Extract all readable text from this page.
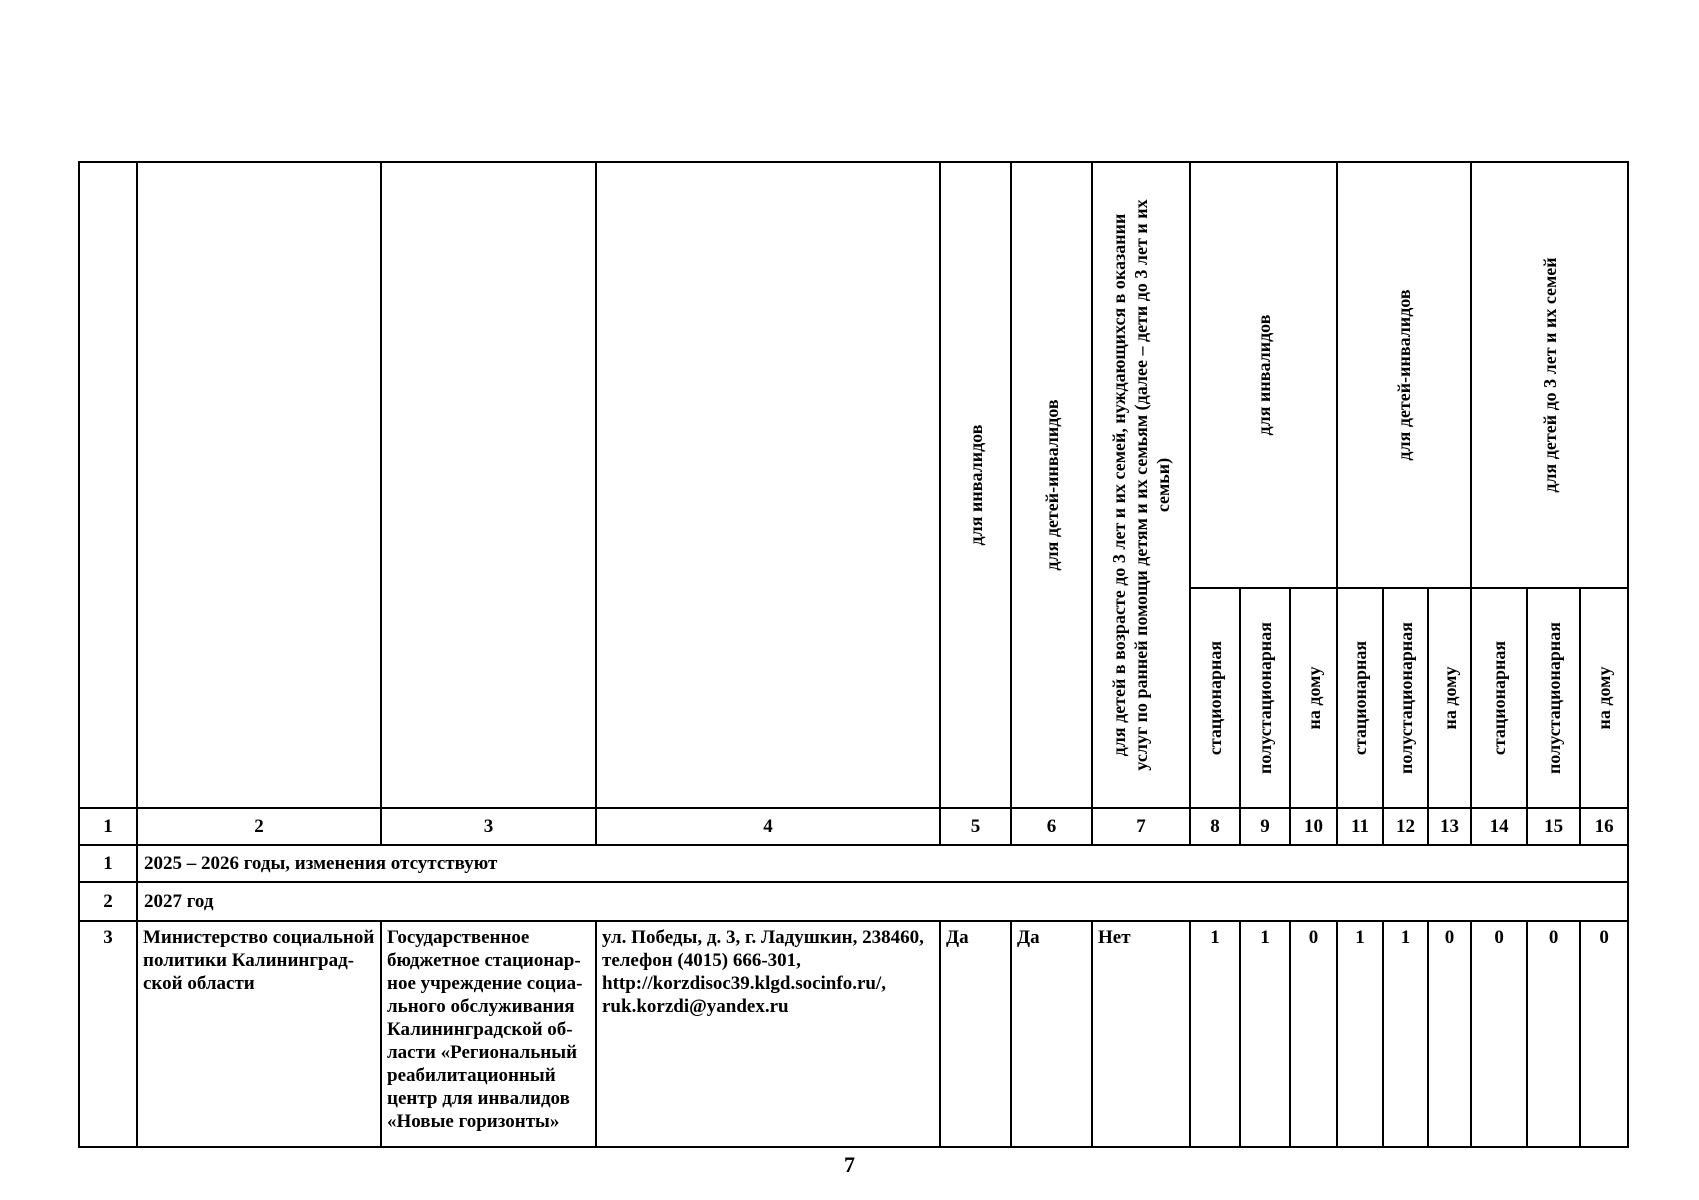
				для инвалидов	для детей-инвалидов	для детей в возрасте до 3 лет и их семей, нуждающихся в оказании услуг по ранней помощи детям и их семьям (далее – дети до 3 лет и их семьи)	для инвалидов			для детей-инвалидов			для детей до 3 лет и их семей		

							стационарная	полустационарная	на дому	стационарная	полустационарная	на дому	стационарная	полустационарная	на дому

1	2	3	4	5	6	7	8	9	10	11	12	13	14	15	16
1	2025 – 2026 годы, изменения отсутствуют														
2	2027 год														
3	Министерство социальной политики Калининград-ской области	Государственное бюджетное стационар-ное учреждение социа-льного обслуживания Калининградской об-ласти «Региональный реабилитационный центр для инвалидов «Новые горизонты»	ул. Победы, д. 3, г. Ладушкин, 238460, телефон (4015) 666-301, http://korzdisoc39.klgd.socinfo.ru/, ruk.korzdi@yandex.ru	Да	Да	Нет	1	1	0	1	1	0	0	0	0
7
